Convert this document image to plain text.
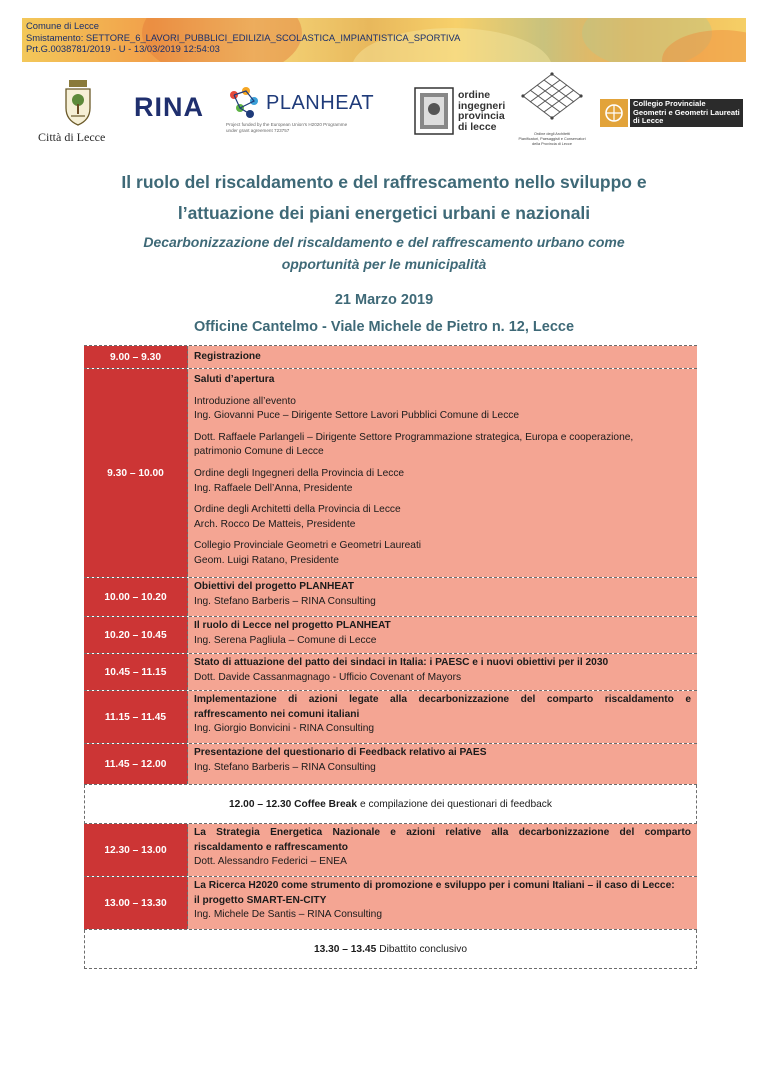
Comune di Lecce
Smistamento: SETTORE_6_LAVORI_PUBBLICI_EDILIZIA_SCOLASTICA_IMPIANTISTICA_SPORTIVA
Prt.G.0038781/2019 - U - 13/03/2019 12:54:03
Città di Lecce
RINA	PLANHEAT
Project funded by the European Union's H2020 Programme
under grant agreement 723757
ordine
ingegneri
provincia
di lecce
Ordine degli Architetti
Pianificatori, Paesaggisti e Conservatori
della Provincia di Lecce
Collegio Provinciale
Geometri e Geometri Laureati
di Lecce
Il ruolo del riscaldamento e del raffrescamento nello sviluppo e
l’attuazione dei piani energetici urbani e nazionali
Decarbonizzazione del riscaldamento e del raffrescamento urbano come
opportunità per le municipalità
21 Marzo 2019
Officine Cantelmo - Viale Michele de Pietro n. 12, Lecce
9.00 – 9.30	Registrazione
9.30 – 10.00
Saluti d’apertura
Introduzione all’evento
Ing. Giovanni Puce – Dirigente Settore Lavori Pubblici Comune di Lecce
Dott. Raffaele Parlangeli – Dirigente Settore Programmazione strategica, Europa e cooperazione,
patrimonio Comune di Lecce
Ordine degli Ingegneri della Provincia di Lecce
Ing. Raffaele Dell’Anna, Presidente
Ordine degli Architetti della Provincia di Lecce
Arch. Rocco De Matteis, Presidente
Collegio Provinciale Geometri e Geometri Laureati
Geom. Luigi Ratano, Presidente
10.00 – 10.20
Obiettivi del progetto PLANHEAT
Ing. Stefano Barberis – RINA Consulting
10.20 – 10.45
Il ruolo di Lecce nel progetto PLANHEAT
Ing. Serena Pagliula – Comune di Lecce
10.45 – 11.15
Stato di attuazione del patto dei sindaci in Italia: i PAESC e i nuovi obiettivi per il 2030
Dott. Davide Cassanmagnago - Ufficio Covenant of Mayors
11.15 – 11.45
Implementazione di azioni legate alla decarbonizzazione del comparto riscaldamento e
raffrescamento nei comuni italiani
Ing. Giorgio Bonvicini - RINA Consulting
11.45 – 12.00
Presentazione del questionario di Feedback relativo ai PAES
Ing. Stefano Barberis – RINA Consulting
12.00 – 12.30 Coffee Break e compilazione dei questionari di feedback
12.30 – 13.00
La Strategia Energetica Nazionale e azioni relative alla decarbonizzazione del comparto
riscaldamento e raffrescamento
Dott. Alessandro Federici – ENEA
13.00 – 13.30
La Ricerca H2020 come strumento di promozione e sviluppo per i comuni Italiani – il caso di Lecce:
il progetto SMART-EN-CITY
Ing. Michele De Santis – RINA Consulting
13.30 – 13.45 Dibattito conclusivo
